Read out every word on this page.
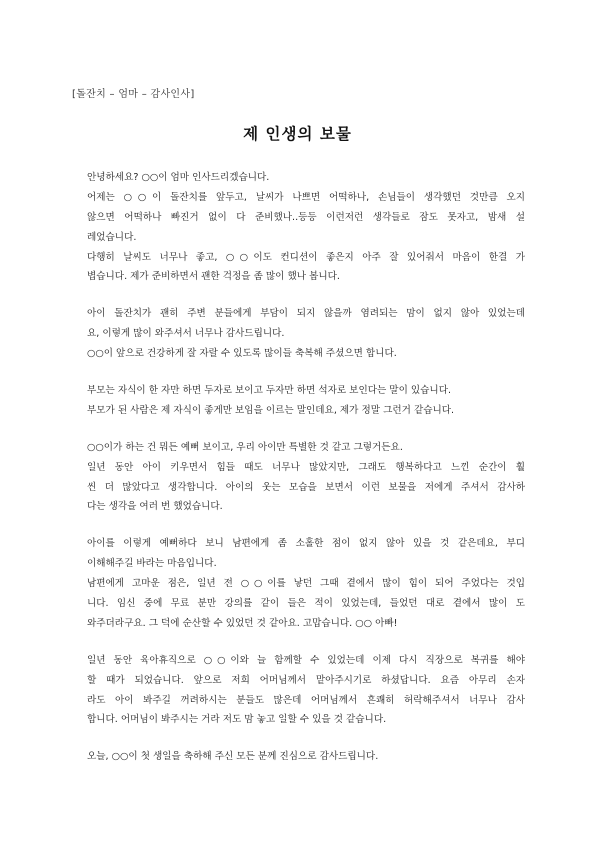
[돌잔치 – 엄마 – 감사인사]
제 인생의 보물
안녕하세요? ○○이 엄마 인사드리겠습니다.
어제는 ○○이 돌잔치를 앞두고, 날씨가 나쁘면 어떡하나, 손님들이 생각했던 것만큼 오지
않으면 어떡하나 빠진거 없이 다 준비했나..등등 이런저런 생각들로 잠도 못자고, 밤새 설
레었습니다.
다행히 날씨도 너무나 좋고, ○○이도 컨디션이 좋은지 아주 잘 있어줘서 마음이 한결 가
볍습니다. 제가 준비하면서 괜한 걱정을 좀 많이 했나 봅니다.
아이 돌잔치가 괜히 주변 분들에게 부담이 되지 않을까 염려되는 맘이 없지 않아 있었는데
요, 이렇게 많이 와주셔서 너무나 감사드립니다.
○○이 앞으로 건강하게 잘 자랄 수 있도록 많이들 축복해 주셨으면 합니다.
부모는 자식이 한 자만 하면 두자로 보이고 두자만 하면 석자로 보인다는 말이 있습니다.
부모가 된 사람은 제 자식이 좋게만 보임을 이르는 말인데요, 제가 정말 그런거 같습니다.
○○이가 하는 건 뭐든 예뻐 보이고, 우리 아이만 특별한 것 같고 그렇거든요.
일년 동안 아이 키우면서 힘들 때도 너무나 많았지만, 그래도 행복하다고 느낀 순간이 훨
씬 더 많았다고 생각합니다. 아이의 웃는 모습을 보면서 이런 보물을 저에게 주셔서 감사하
다는 생각을 여러 번 했었습니다.
아이를 이렇게 예뻐하다 보니 남편에게 좀 소홀한 점이 없지 않아 있을 것 같은데요, 부디
이해해주길 바라는 마음입니다.
남편에게 고마운 점은, 일년 전 ○○이를 낳던 그때 곁에서 많이 힘이 되어 주었다는 것입
니다. 임신 중에 무료 분만 강의를 같이 들은 적이 있었는데, 들었던 대로 곁에서 많이 도
와주더라구요. 그 덕에 순산할 수 있었던 것 같아요. 고맙습니다. ○○ 아빠!
일년 동안 육아휴직으로 ○○이와 늘 함께할 수 있었는데 이제 다시 직장으로 복귀를 해야
할 때가 되었습니다. 앞으로 저희 어머님께서 맡아주시기로 하셨답니다. 요즘 아무리 손자
라도 아이 봐주길 꺼려하시는 분들도 많은데 어머님께서 흔쾌히 허락해주셔서 너무나 감사
합니다. 어머님이 봐주시는 거라 저도 맘 놓고 일할 수 있을 것 같습니다.
오늘, ○○이 첫 생일을 축하해 주신 모든 분께 진심으로 감사드립니다.
